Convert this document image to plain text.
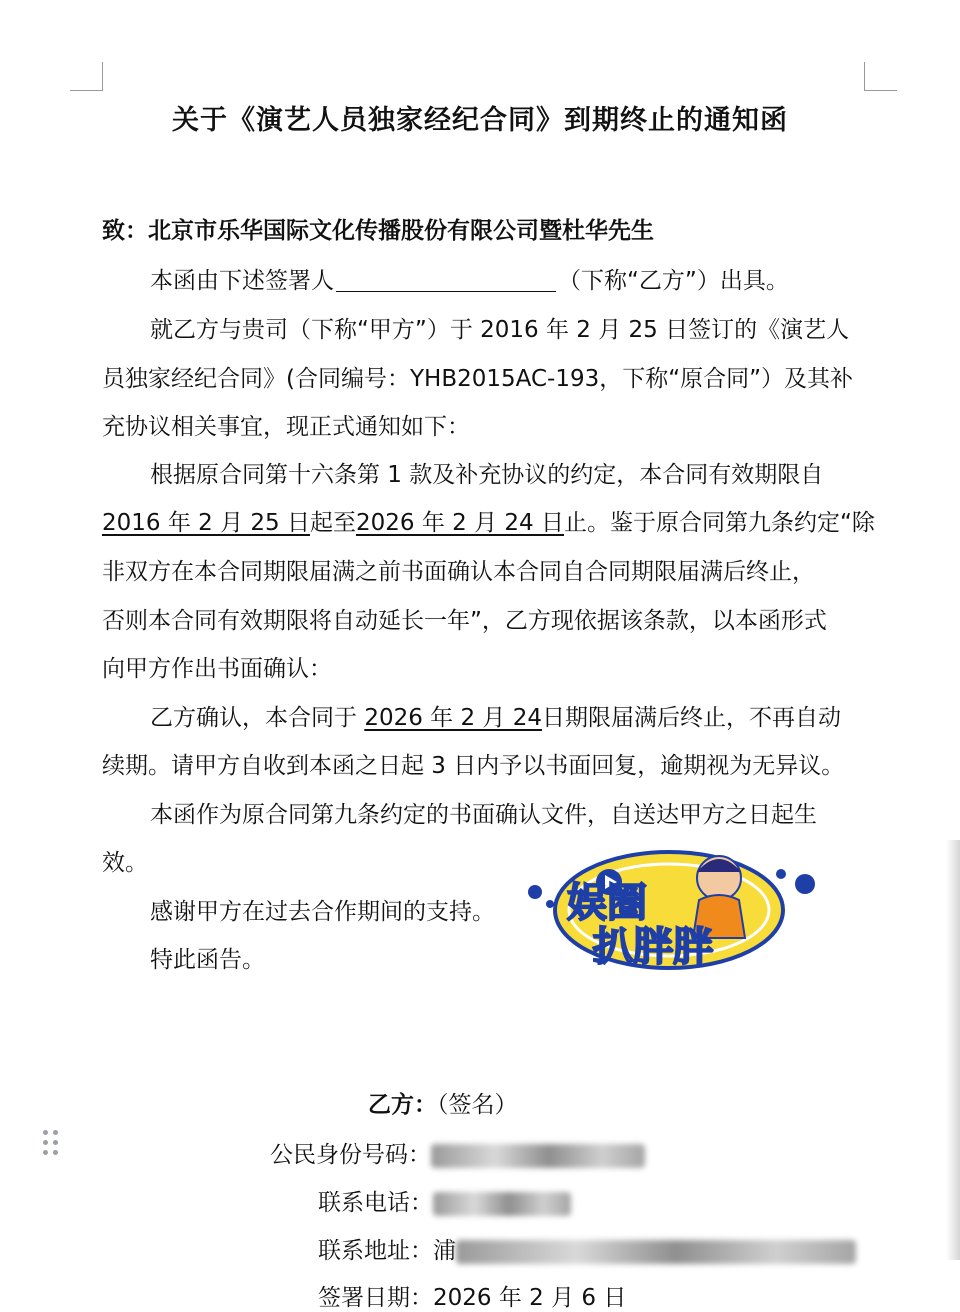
关于《演艺人员独家经纪合同》到期终止的通知函
致：北京市乐华国际文化传播股份有限公司暨杜华先生
本函由下述签署人	（下称“乙方”）出具。
就乙方与贵司（下称“甲方”）于 2016 年 2 月 25 日签订的《演艺人
员独家经纪合同》(合同编号：YHB2015AC-193，下称“原合同”）及其补
充协议相关事宜，现正式通知如下：
根据原合同第十六条第 1 款及补充协议的约定，本合同有效期限自
2016 年 2 月 25 日起至2026 年 2 月 24 日止。鉴于原合同第九条约定“除
非双方在本合同期限届满之前书面确认本合同自合同期限届满后终止，
否则本合同有效期限将自动延长一年”，乙方现依据该条款，以本函形式
向甲方作出书面确认：
乙方确认，本合同于 2026 年 2 月 24日期限届满后终止，不再自动
续期。请甲方自收到本函之日起 3 日内予以书面回复，逾期视为无异议。
本函作为原合同第九条约定的书面确认文件，自送达甲方之日起生
效。
感谢甲方在过去合作期间的支持。
特此函告。
娱圈
扒胖胖
乙方：（签名）
公民身份号码：
联系电话：
联系地址：浦
签署日期：2026 年 2 月 6 日
